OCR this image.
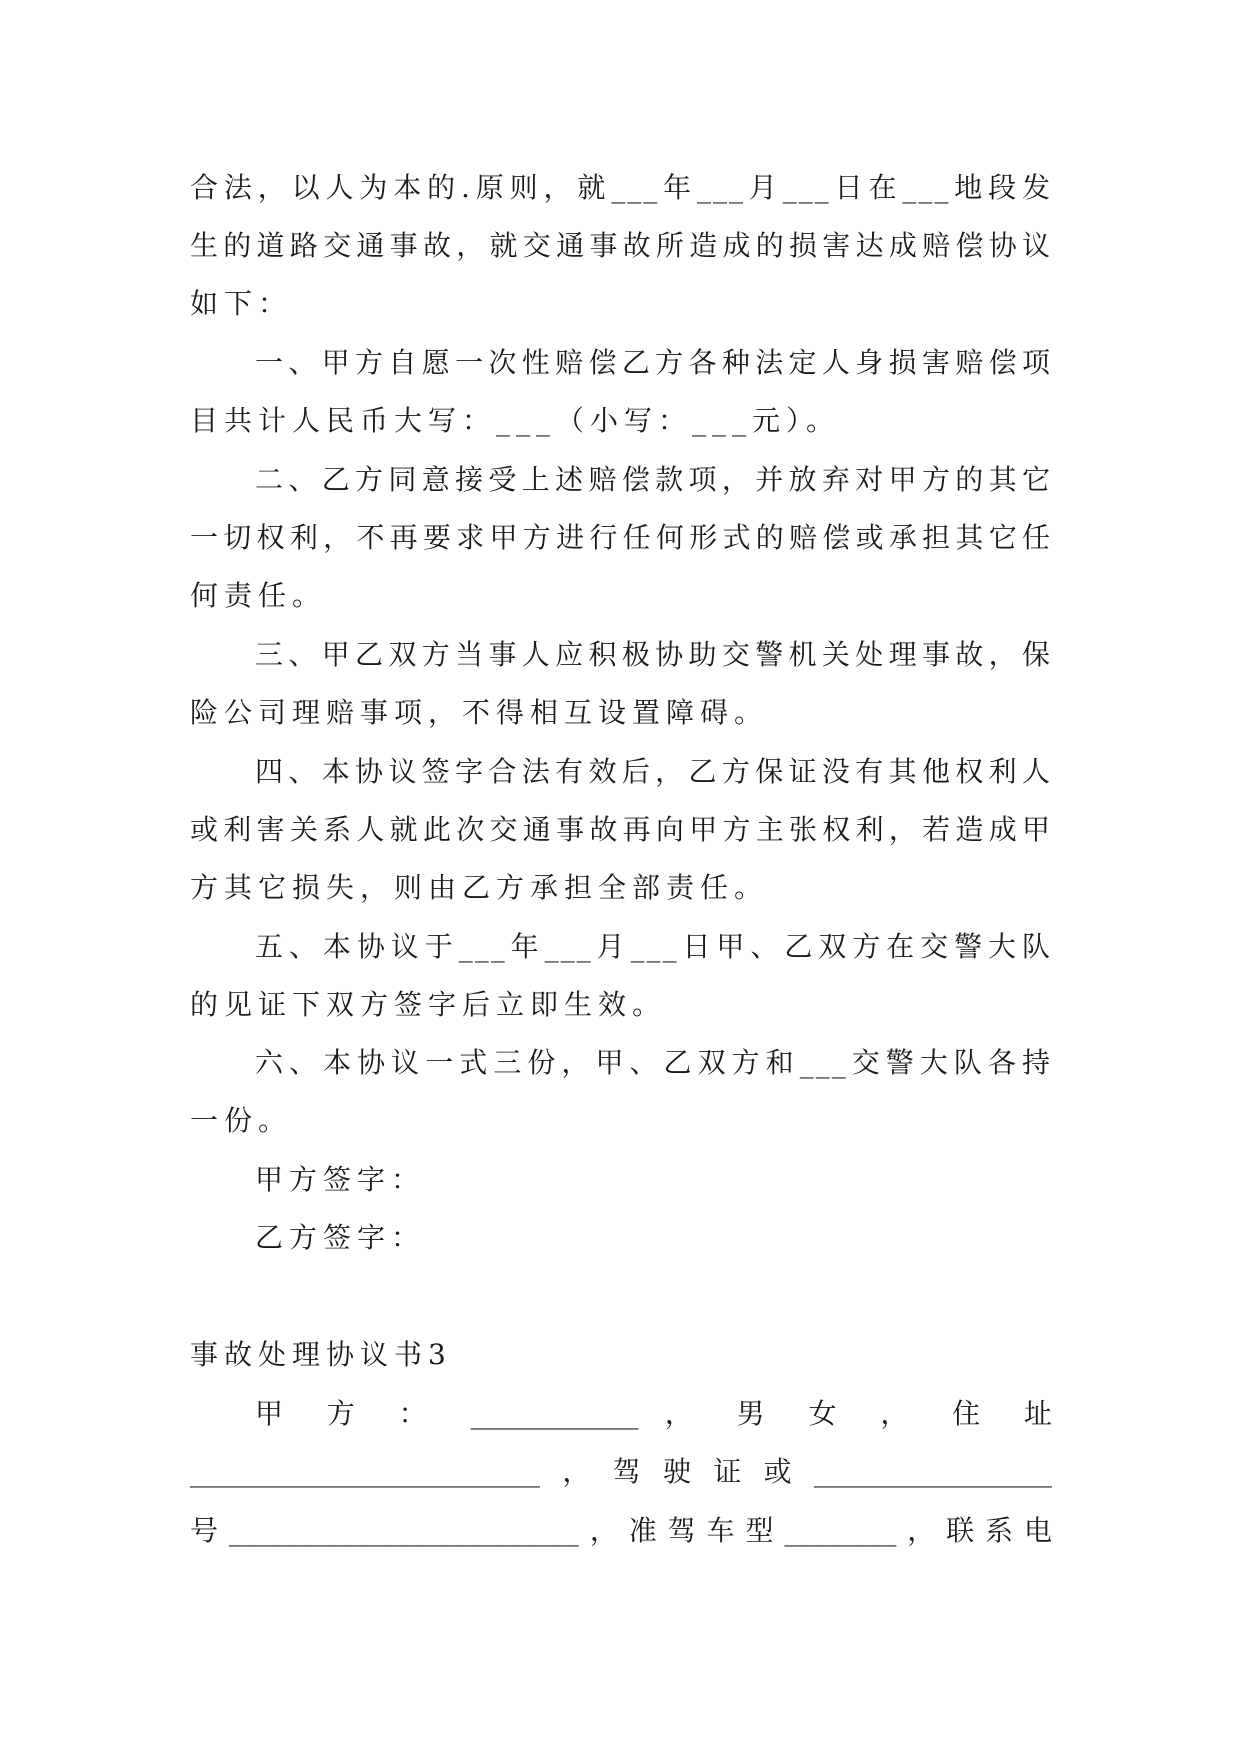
合法，以人为本的.原则，就___年___月___日在___地段发
生的道路交通事故，就交通事故所造成的损害达成赔偿协议
如下：
一、甲方自愿一次性赔偿乙方各种法定人身损害赔偿项
目共计人民币大写：___（小写：___元）。
二、乙方同意接受上述赔偿款项，并放弃对甲方的其它
一切权利，不再要求甲方进行任何形式的赔偿或承担其它任
何责任。
三、甲乙双方当事人应积极协助交警机关处理事故，保
险公司理赔事项，不得相互设置障碍。
四、本协议签字合法有效后，乙方保证没有其他权利人
或利害关系人就此次交通事故再向甲方主张权利，若造成甲
方其它损失，则由乙方承担全部责任。
五、本协议于___年___月___日甲、乙双方在交警大队
的见证下双方签字后立即生效。
六、本协议一式三份，甲、乙双方和___交警大队各持
一份。
甲方签字：
乙方签字：
事故处理协议书3
甲 方 ： ____________ ， 男 女 ， 住 址
_________________________，驾驶证或_________________
号_________________________，准驾车型________，联系电
